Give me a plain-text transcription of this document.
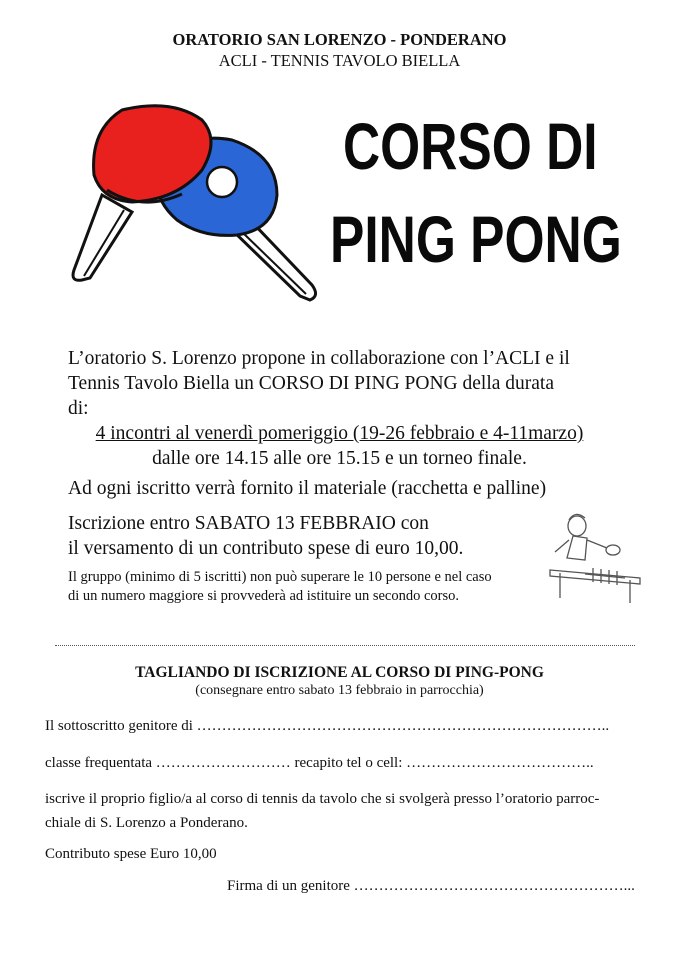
ORATORIO SAN LORENZO - PONDERANO
ACLI - TENNIS TAVOLO BIELLA
CORSO DI
PING PONG
L’oratorio S. Lorenzo propone in collaborazione con l’ACLI e il
Tennis Tavolo Biella un CORSO DI PING PONG della durata
di:
4 incontri al venerdì pomeriggio (19-26 febbraio e 4-11marzo)
dalle ore 14.15 alle ore 15.15 e un torneo finale.
Ad ogni iscritto verrà fornito il materiale (racchetta e palline)
Iscrizione entro SABATO 13 FEBBRAIO con
il versamento di un contributo spese di euro 10,00.
Il gruppo (minimo di 5 iscritti) non può superare le 10 persone e nel caso
di un numero maggiore si provvederà ad istituire un secondo corso.
TAGLIANDO DI ISCRIZIONE AL CORSO DI PING-PONG
(consegnare entro sabato 13 febbraio in parrocchia)
Il sottoscritto genitore di ………………………………………………………………………..
classe frequentata ……………………… recapito tel o cell: ………………………………..
iscrive il proprio figlio/a al corso di tennis da tavolo che si svolgerà presso l’oratorio parroc-
chiale di S. Lorenzo a Ponderano.
Contributo spese Euro 10,00
Firma di un genitore ………………………………………………...
